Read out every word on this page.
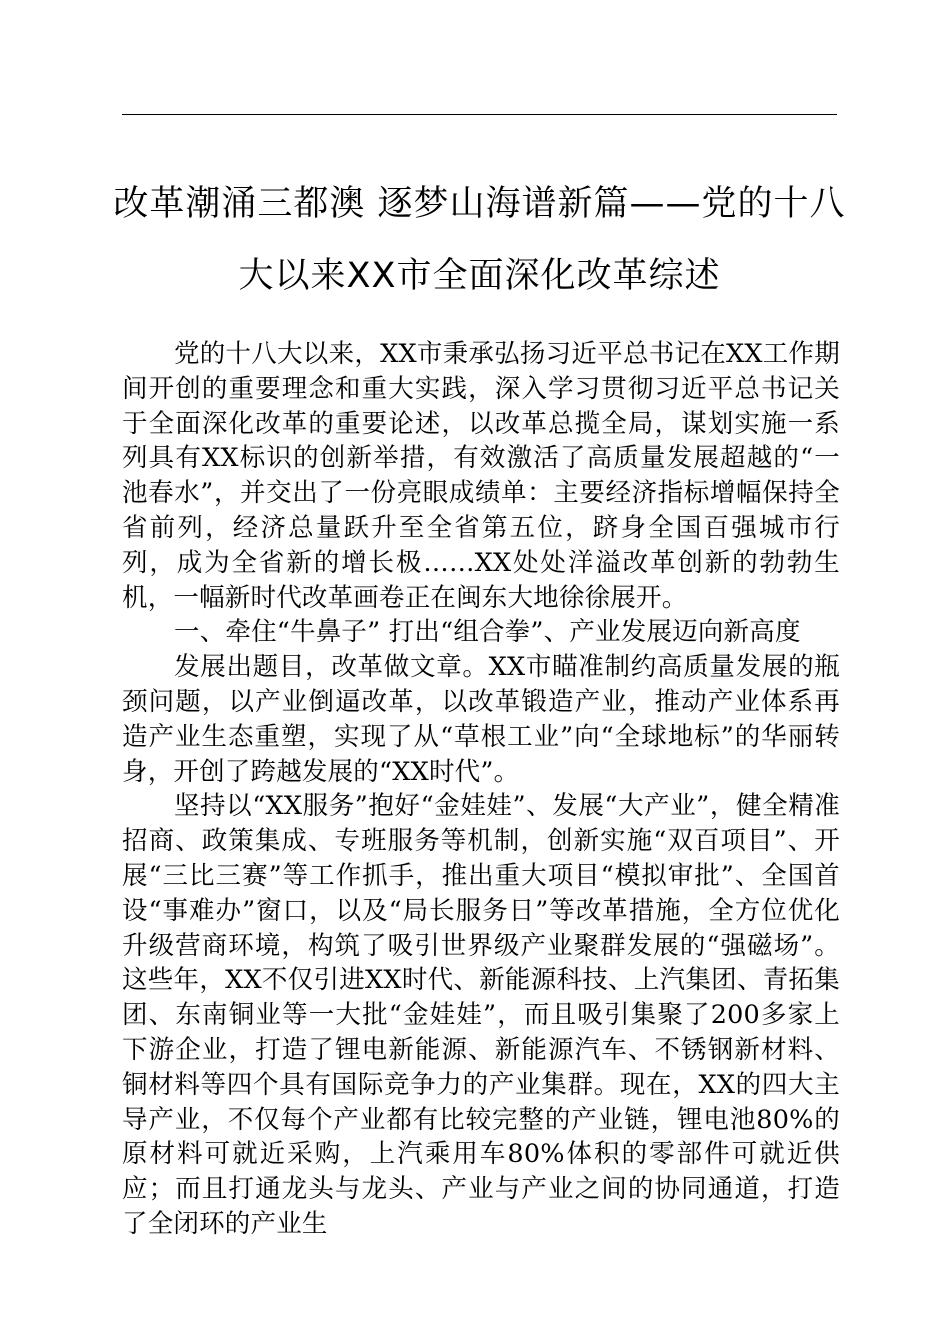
改革潮涌三都澳 逐梦山海谱新篇——党的十八
大以来XX市全面深化改革综述

党的十八大以来，XX市秉承弘扬习近平总书记在XX工作期间开创的重要理念和重大实践，深入学习贯彻习近平总书记关于全面深化改革的重要论述，以改革总揽全局，谋划实施一系列具有XX标识的创新举措，有效激活了高质量发展超越的“一池春水”，并交出了一份亮眼成绩单：主要经济指标增幅保持全省前列，经济总量跃升至全省第五位，跻身全国百强城市行列，成为全省新的增长极……XX处处洋溢改革创新的勃勃生机，一幅新时代改革画卷正在闽东大地徐徐展开。

一、牵住“牛鼻子” 打出“组合拳”、产业发展迈向新高度

发展出题目，改革做文章。XX市瞄准制约高质量发展的瓶颈问题，以产业倒逼改革，以改革锻造产业，推动产业体系再造产业生态重塑，实现了从“草根工业”向“全球地标”的华丽转身，开创了跨越发展的“XX时代”。

坚持以“XX服务”抱好“金娃娃”、发展“大产业”，健全精准招商、政策集成、专班服务等机制，创新实施“双百项目”、开展“三比三赛”等工作抓手，推出重大项目“模拟审批”、全国首设“事难办”窗口，以及“局长服务日”等改革措施，全方位优化升级营商环境，构筑了吸引世界级产业聚群发展的“强磁场”。这些年，XX不仅引进XX时代、新能源科技、上汽集团、青拓集团、东南铜业等一大批“金娃娃”，而且吸引集聚了200多家上下游企业，打造了锂电新能源、新能源汽车、不锈钢新材料、铜材料等四个具有国际竞争力的产业集群。现在，XX的四大主导产业，不仅每个产业都有比较完整的产业链，锂电池80%的原材料可就近采购，上汽乘用车80%体积的零部件可就近供应；而且打通龙头与龙头、产业与产业之间的协同通道，打造了全闭环的产业生
